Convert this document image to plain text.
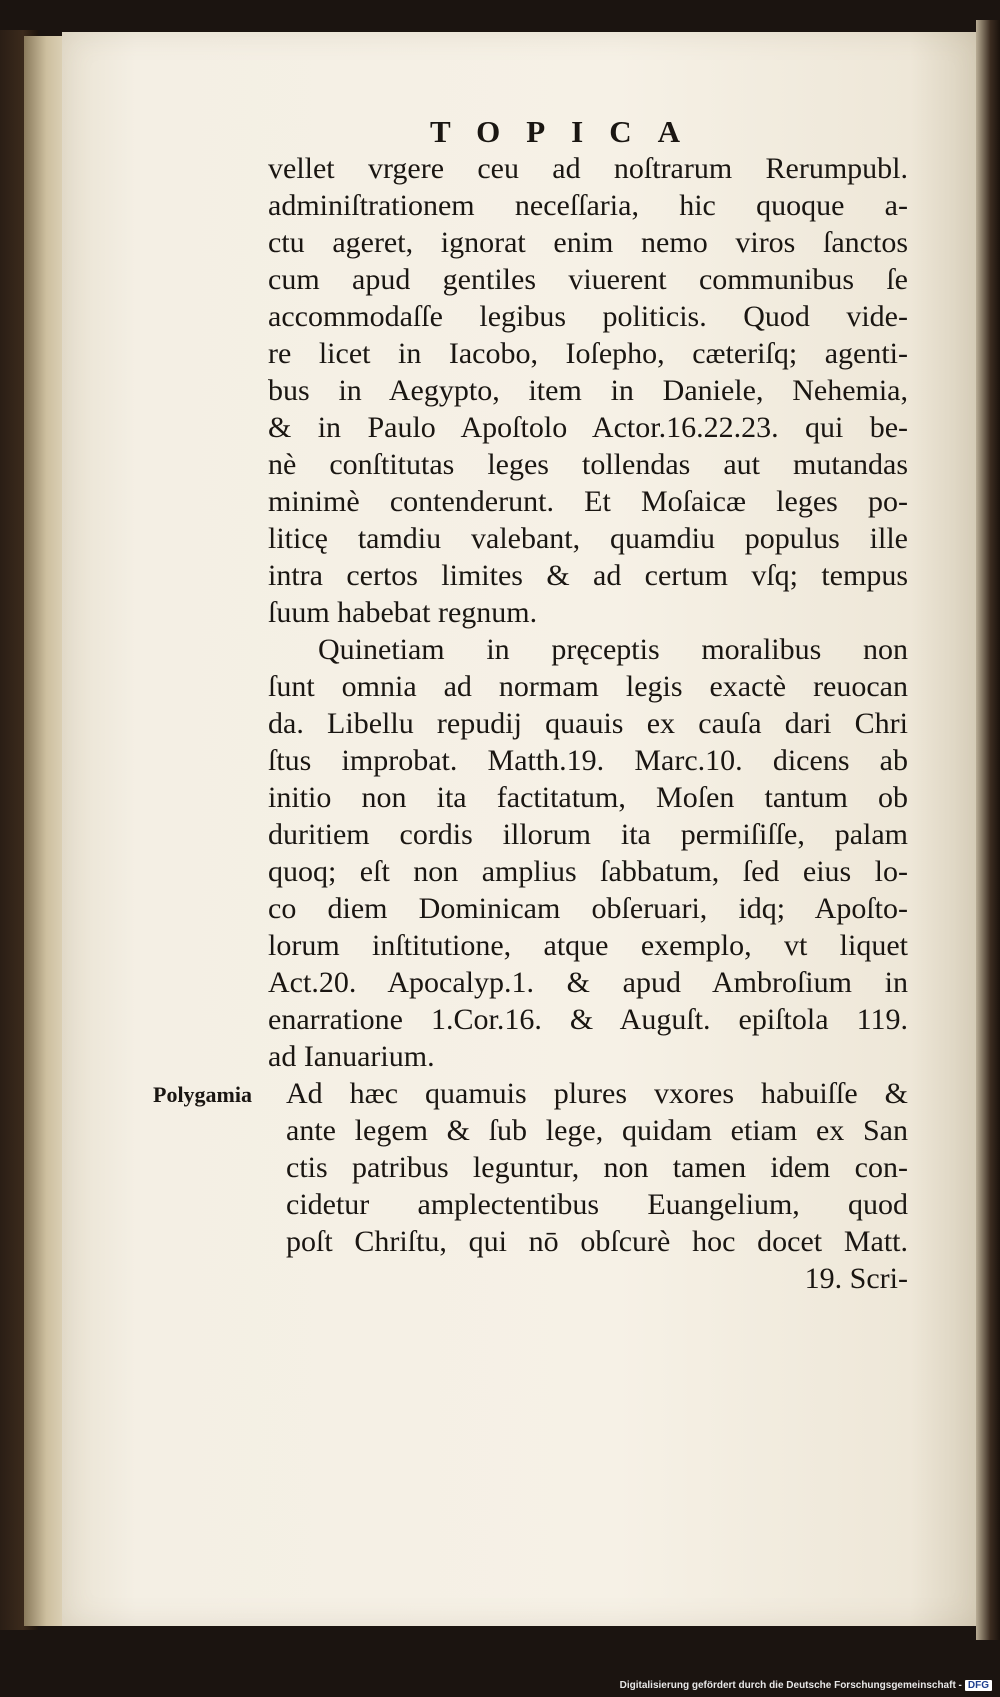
TOPICA
Polygamia
vellet vrgere ceu ad noſtrarum Rerumpubl.
adminiſtrationem neceſſaria, hic quoque a-
ctu ageret, ignorat enim nemo viros ſanctos
cum apud gentiles viuerent communibus ſe
accommodaſſe legibus politicis. Quod vide-
re licet in Iacobo, Ioſepho, cæteriſq; agenti-
bus in Aegypto, item in Daniele, Nehemia,
& in Paulo Apoſtolo Actor.16.22.23. qui be-
nè conſtitutas leges tollendas aut mutandas
minimè contenderunt. Et Moſaicæ leges po-
liticę tamdiu valebant, quamdiu populus ille
intra certos limites & ad certum vſq; tempus
ſuum habebat regnum.
Quinetiam in pręceptis moralibus non
ſunt omnia ad normam legis exactè reuocan
da. Libellu repudij quauis ex cauſa dari Chri
ſtus improbat. Matth.19. Marc.10. dicens ab
initio non ita factitatum, Moſen tantum ob
duritiem cordis illorum ita permiſiſſe, palam
quoq; eſt non amplius ſabbatum, ſed eius lo-
co diem Dominicam obſeruari, idq; Apoſto-
lorum inſtitutione, atque exemplo, vt liquet
Act.20. Apocalyp.1. & apud Ambroſium in
enarratione 1.Cor.16. & Auguſt. epiſtola 119.
ad Ianuarium.
Ad hæc quamuis plures vxores habuiſſe &
ante legem & ſub lege, quidam etiam ex San
ctis patribus leguntur, non tamen idem con-
cidetur amplectentibus Euangelium, quod
poſt Chriſtu, qui nō obſcurè hoc docet Matt.
19. Scri-
Digitalisierung gefördert durch die Deutsche Forschungsgemeinschaft - DFG
